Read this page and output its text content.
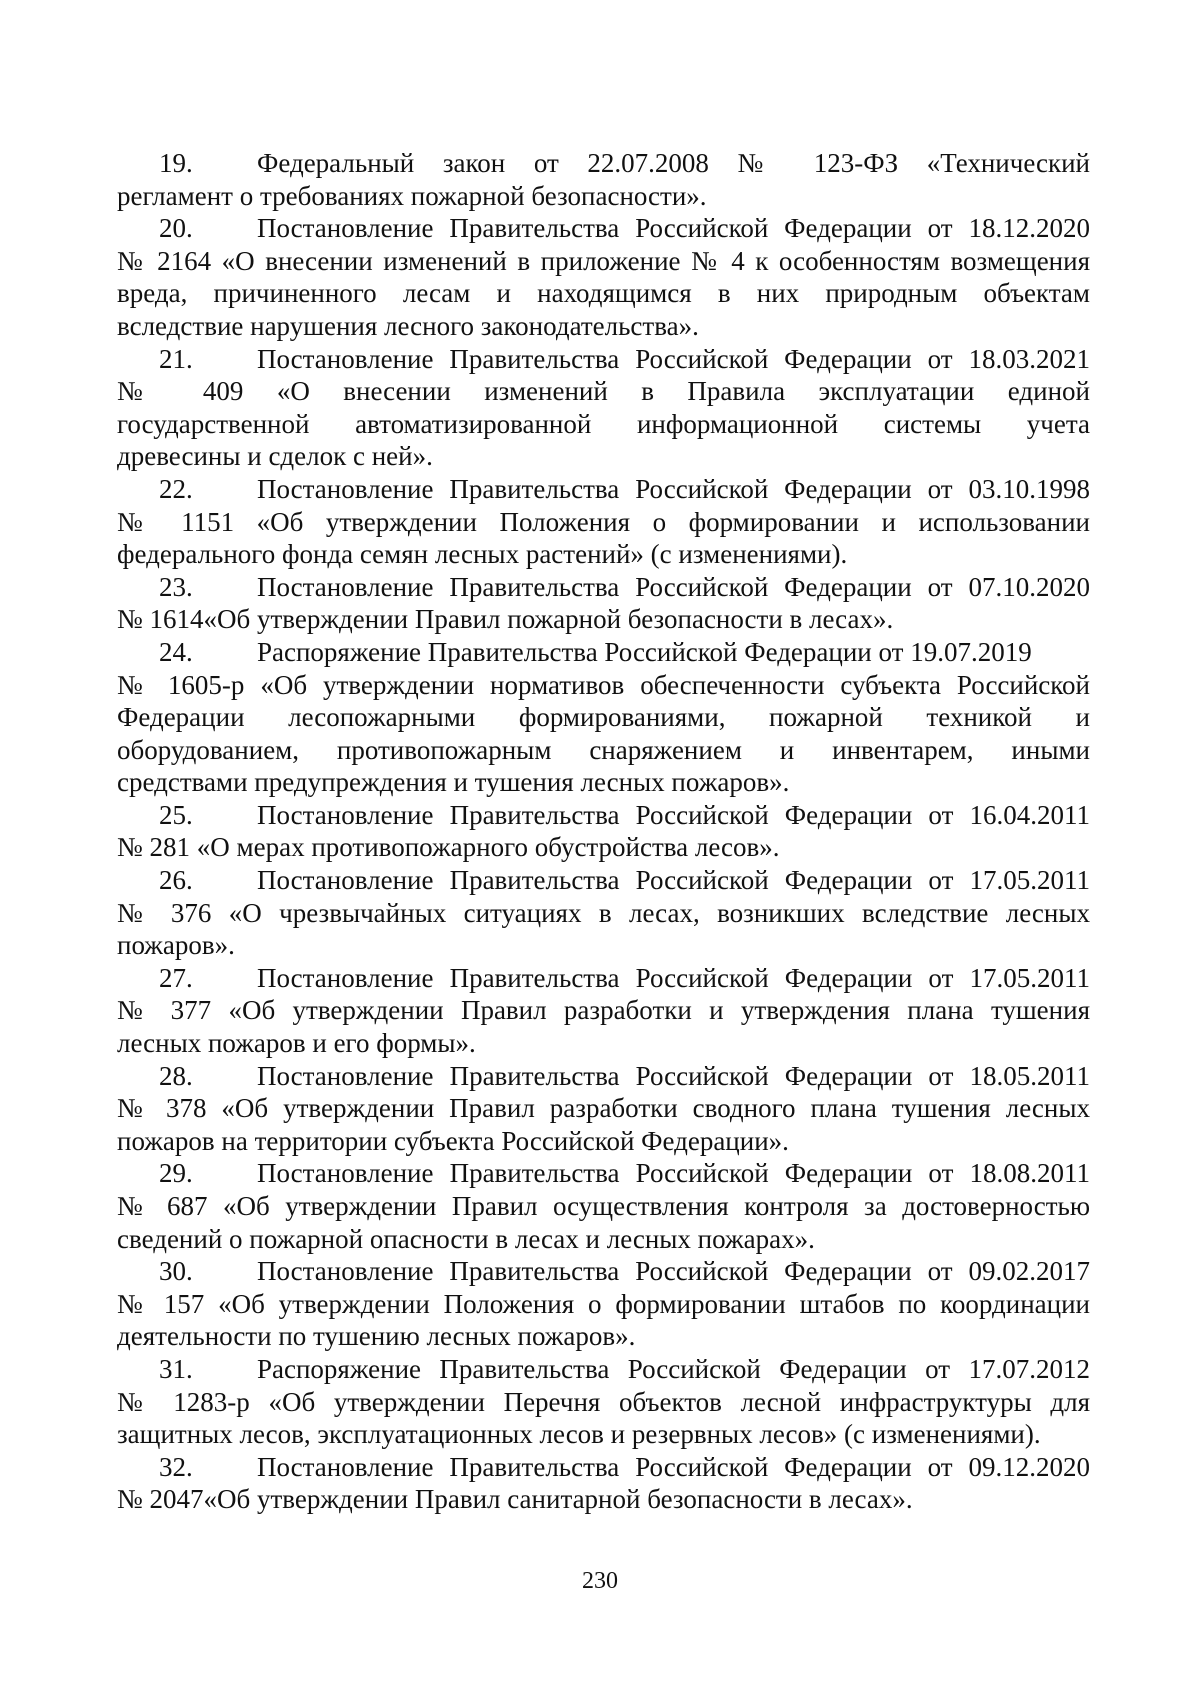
19. Федеральный закон от 22.07.2008 № 123-ФЗ «Технический
регламент о требованиях пожарной безопасности».
20. Постановление Правительства Российской Федерации от 18.12.2020
№ 2164 «О внесении изменений в приложение № 4 к особенностям возмещения
вреда, причиненного лесам и находящимся в них природным объектам
вследствие нарушения лесного законодательства».
21. Постановление Правительства Российской Федерации от 18.03.2021
№ 409 «О внесении изменений в Правила эксплуатации единой
государственной автоматизированной информационной системы учета
древесины и сделок с ней».
22. Постановление Правительства Российской Федерации от 03.10.1998
№ 1151 «Об утверждении Положения о формировании и использовании
федерального фонда семян лесных растений» (с изменениями).
23. Постановление Правительства Российской Федерации от 07.10.2020
№ 1614«Об утверждении Правил пожарной безопасности в лесах».
24. Распоряжение Правительства Российской Федерации от 19.07.2019
№ 1605-р «Об утверждении нормативов обеспеченности субъекта Российской
Федерации лесопожарными формированиями, пожарной техникой и
оборудованием, противопожарным снаряжением и инвентарем, иными
средствами предупреждения и тушения лесных пожаров».
25. Постановление Правительства Российской Федерации от 16.04.2011
№ 281 «О мерах противопожарного обустройства лесов».
26. Постановление Правительства Российской Федерации от 17.05.2011
№ 376 «О чрезвычайных ситуациях в лесах, возникших вследствие лесных
пожаров».
27. Постановление Правительства Российской Федерации от 17.05.2011
№ 377 «Об утверждении Правил разработки и утверждения плана тушения
лесных пожаров и его формы».
28. Постановление Правительства Российской Федерации от 18.05.2011
№ 378 «Об утверждении Правил разработки сводного плана тушения лесных
пожаров на территории субъекта Российской Федерации».
29. Постановление Правительства Российской Федерации от 18.08.2011
№ 687 «Об утверждении Правил осуществления контроля за достоверностью
сведений о пожарной опасности в лесах и лесных пожарах».
30. Постановление Правительства Российской Федерации от 09.02.2017
№ 157 «Об утверждении Положения о формировании штабов по координации
деятельности по тушению лесных пожаров».
31. Распоряжение Правительства Российской Федерации от 17.07.2012
№ 1283-р «Об утверждении Перечня объектов лесной инфраструктуры для
защитных лесов, эксплуатационных лесов и резервных лесов» (с изменениями).
32. Постановление Правительства Российской Федерации от 09.12.2020
№ 2047«Об утверждении Правил санитарной безопасности в лесах».
230
